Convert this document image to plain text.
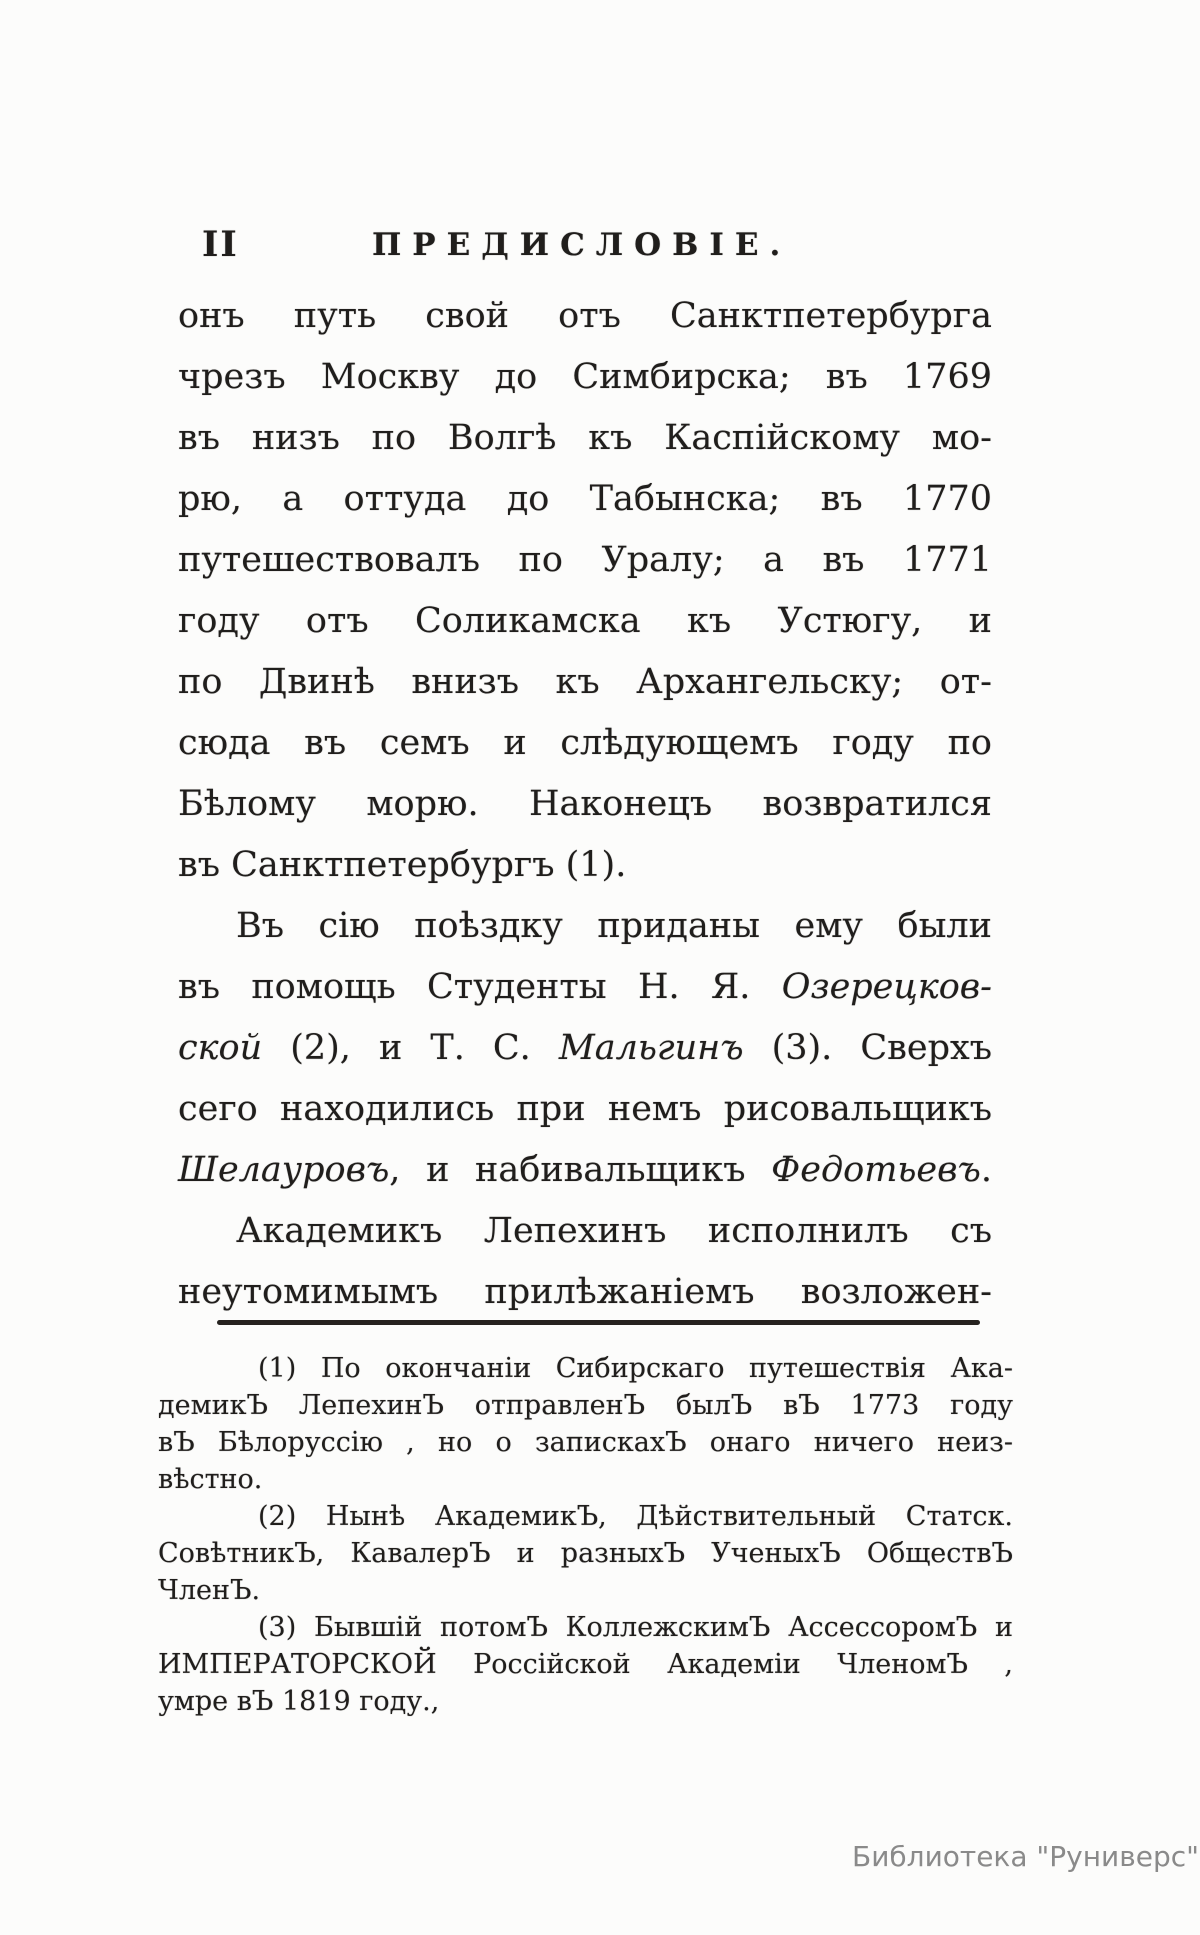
II	ПРЕДИСЛОВІЕ.
онъ путь свой отъ Санктпетербурга
чрезъ Москву до Симбирска; въ 1769
въ низъ по Волгѣ къ Каспійскому мо-
рю, а оттуда до Табынска; въ 1770
путешествовалъ по Уралу; а въ 1771
году отъ Соликамска къ Устюгу, и
по Двинѣ внизъ къ Архангельску; от-
сюда въ семъ и слѣдующемъ году по
Бѣлому морю. Наконецъ возвратился
въ Санктпетербургъ (1).
Въ сію поѣздку приданы ему были
въ помощь Студенты Н. Я. Озерецков-
ской (2), и Т. С. Мальгинъ (3). Сверхъ
сего находились при немъ рисовальщикъ
Шелауровъ, и набивальщикъ Федотьевъ.
Академикъ Лепехинъ исполнилъ съ
неутомимымъ прилѣжаніемъ возложен-
(1) По окончаніи Сибирскаго путешествія Ака-
демикЪ ЛепехинЪ отправленЪ былЪ вЪ 1773 году
вЪ Бѣлоруссію , но о запискахЪ онаго ничего неиз-
вѣстно.
(2) Нынѣ АкадемикЪ, Дѣйствительный Статск.
СовѣтникЪ, КавалерЪ и разныхЪ УченыхЪ ОбществЪ
ЧленЪ.
(3) Бывшій потомЪ КоллежскимЪ АссессоромЪ и
ИМПЕРАТОРСКОЙ Россійской Академіи ЧленомЪ ,
умре вЪ 1819 году.,
Библиотека "Руниверс"
